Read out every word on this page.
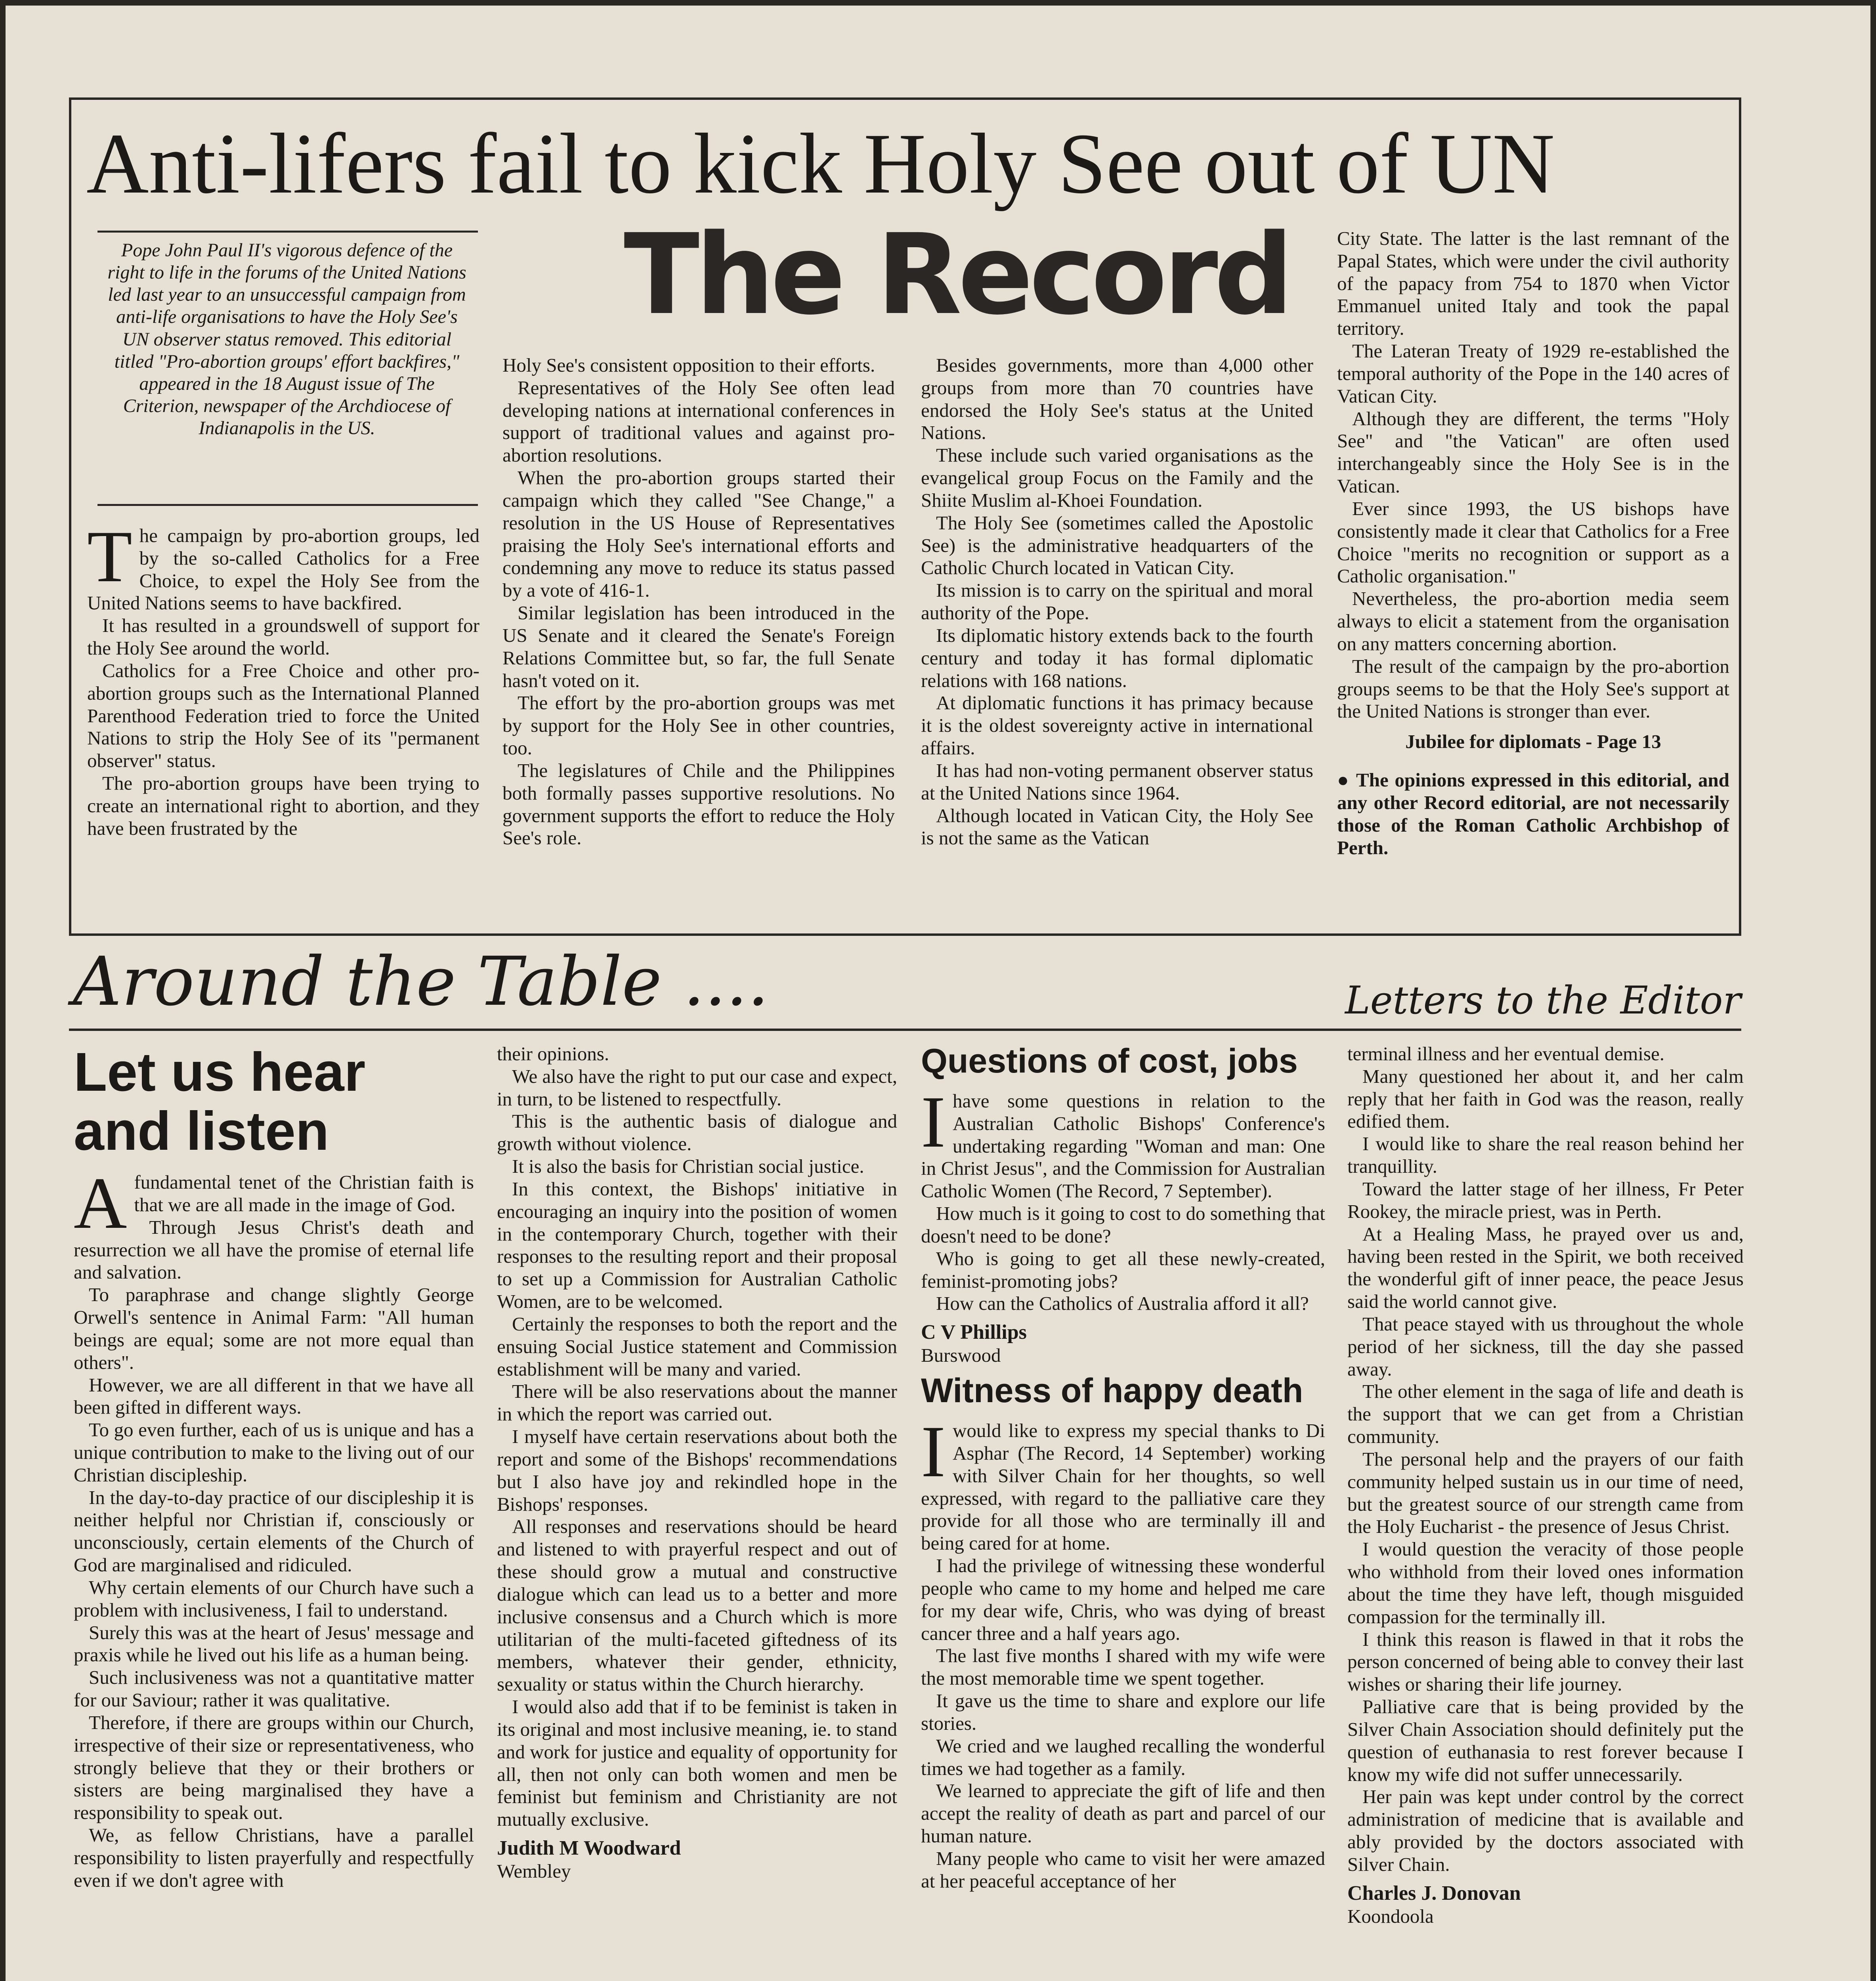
Anti-lifers fail to kick Holy See out of UN
Pope John Paul II's vigorous defence of the right to life in the forums of the United Nations led last year to an unsuccessful campaign from anti-life organisations to have the Holy See's UN observer status removed. This editorial titled "Pro-abortion groups' effort backfires," appeared in the 18 August issue of The Criterion, newspaper of the Archdiocese of Indianapolis in the US.
The Record
T he campaign by pro-abortion groups, led by the so-called Catholics for a Free Choice, to expel the Holy See from the United Nations seems to have backfired.

It has resulted in a groundswell of support for the Holy See around the world.

Catholics for a Free Choice and other pro-abortion groups such as the International Planned Parenthood Federation tried to force the United Nations to strip the Holy See of its "permanent observer" status.

The pro-abortion groups have been trying to create an international right to abortion, and they have been frustrated by the

Holy See's consistent opposition to their efforts.

Representatives of the Holy See often lead developing nations at international conferences in support of traditional values and against pro-abortion resolutions.

When the pro-abortion groups started their campaign which they called "See Change," a resolution in the US House of Representatives praising the Holy See's international efforts and condemning any move to reduce its status passed by a vote of 416-1.

Similar legislation has been introduced in the US Senate and it cleared the Senate's Foreign Relations Committee but, so far, the full Senate hasn't voted on it.

The effort by the pro-abortion groups was met by support for the Holy See in other countries, too.

The legislatures of Chile and the Philippines both formally passes supportive resolutions. No government supports the effort to reduce the Holy See's role.

Besides governments, more than 4,000 other groups from more than 70 countries have endorsed the Holy See's status at the United Nations.

These include such varied organisations as the evangelical group Focus on the Family and the Shiite Muslim al-Khoei Foundation.

The Holy See (sometimes called the Apostolic See) is the administrative headquarters of the Catholic Church located in Vatican City.

Its mission is to carry on the spiritual and moral authority of the Pope.

Its diplomatic history extends back to the fourth century and today it has formal diplomatic relations with 168 nations.

At diplomatic functions it has primacy because it is the oldest sovereignty active in international affairs.

It has had non-voting permanent observer status at the United Nations since 1964.

Although located in Vatican City, the Holy See is not the same as the Vatican

City State. The latter is the last remnant of the Papal States, which were under the civil authority of the papacy from 754 to 1870 when Victor Emmanuel united Italy and took the papal territory.

The Lateran Treaty of 1929 re-established the temporal authority of the Pope in the 140 acres of Vatican City.

Although they are different, the terms "Holy See" and "the Vatican" are often used interchangeably since the Holy See is in the Vatican.

Ever since 1993, the US bishops have consistently made it clear that Catholics for a Free Choice "merits no recognition or support as a Catholic organisation."

Nevertheless, the pro-abortion media seem always to elicit a statement from the organisation on any matters concerning abortion.

The result of the campaign by the pro-abortion groups seems to be that the Holy See's support at the United Nations is stronger than ever.

Jubilee for diplomats - Page 13

● The opinions expressed in this editorial, and any other Record editorial, are not necessarily those of the Roman Catholic Archbishop of Perth.

Around the Table ....	Letters to the Editor
Let us hear and listen
A fundamental tenet of the Christian faith is that we are all made in the image of God.

Through Jesus Christ's death and resurrection we all have the promise of eternal life and salvation.

To paraphrase and change slightly George Orwell's sentence in Animal Farm: "All human beings are equal; some are not more equal than others".

However, we are all different in that we have all been gifted in different ways.

To go even further, each of us is unique and has a unique contribution to make to the living out of our Christian discipleship.

In the day-to-day practice of our discipleship it is neither helpful nor Christian if, consciously or unconsciously, certain elements of the Church of God are marginalised and ridiculed.

Why certain elements of our Church have such a problem with inclusiveness, I fail to understand.

Surely this was at the heart of Jesus' message and praxis while he lived out his life as a human being.

Such inclusiveness was not a quantitative matter for our Saviour; rather it was qualitative.

Therefore, if there are groups within our Church, irrespective of their size or representativeness, who strongly believe that they or their brothers or sisters are being marginalised they have a responsibility to speak out.

We, as fellow Christians, have a parallel responsibility to listen prayerfully and respectfully even if we don't agree with

their opinions.

We also have the right to put our case and expect, in turn, to be listened to respectfully.

This is the authentic basis of dialogue and growth without violence.

It is also the basis for Christian social justice.

In this context, the Bishops' initiative in encouraging an inquiry into the position of women in the contemporary Church, together with their responses to the resulting report and their proposal to set up a Commission for Australian Catholic Women, are to be welcomed.

Certainly the responses to both the report and the ensuing Social Justice statement and Commission establishment will be many and varied.

There will be also reservations about the manner in which the report was carried out.

I myself have certain reservations about both the report and some of the Bishops' recommendations but I also have joy and rekindled hope in the Bishops' responses.

All responses and reservations should be heard and listened to with prayerful respect and out of these should grow a mutual and constructive dialogue which can lead us to a better and more inclusive consensus and a Church which is more utilitarian of the multi-faceted giftedness of its members, whatever their gender, ethnicity, sexuality or status within the Church hierarchy.

I would also add that if to be feminist is taken in its original and most inclusive meaning, ie. to stand and work for justice and equality of opportunity for all, then not only can both women and men be feminist but feminism and Christianity are not mutually exclusive.

Judith M Woodward

Wembley

Questions of cost, jobs
I have some questions in relation to the Australian Catholic Bishops' Conference's undertaking regarding "Woman and man: One in Christ Jesus", and the Commission for Australian Catholic Women (The Record, 7 September).

How much is it going to cost to do something that doesn't need to be done?

Who is going to get all these newly-created, feminist-promoting jobs?

How can the Catholics of Australia afford it all?

C V Phillips

Burswood

Witness of happy death
I would like to express my special thanks to Di Asphar (The Record, 14 September) working with Silver Chain for her thoughts, so well expressed, with regard to the palliative care they provide for all those who are terminally ill and being cared for at home.

I had the privilege of witnessing these wonderful people who came to my home and helped me care for my dear wife, Chris, who was dying of breast cancer three and a half years ago.

The last five months I shared with my wife were the most memorable time we spent together.

It gave us the time to share and explore our life stories.

We cried and we laughed recalling the wonderful times we had together as a family.

We learned to appreciate the gift of life and then accept the reality of death as part and parcel of our human nature.

Many people who came to visit her were amazed at her peaceful acceptance of her

terminal illness and her eventual demise.

Many questioned her about it, and her calm reply that her faith in God was the reason, really edified them.

I would like to share the real reason behind her tranquillity.

Toward the latter stage of her illness, Fr Peter Rookey, the miracle priest, was in Perth.

At a Healing Mass, he prayed over us and, having been rested in the Spirit, we both received the wonderful gift of inner peace, the peace Jesus said the world cannot give.

That peace stayed with us throughout the whole period of her sickness, till the day she passed away.

The other element in the saga of life and death is the support that we can get from a Christian community.

The personal help and the prayers of our faith community helped sustain us in our time of need, but the greatest source of our strength came from the Holy Eucharist - the presence of Jesus Christ.

I would question the veracity of those people who withhold from their loved ones information about the time they have left, though misguided compassion for the terminally ill.

I think this reason is flawed in that it robs the person concerned of being able to convey their last wishes or sharing their life journey.

Palliative care that is being provided by the Silver Chain Association should definitely put the question of euthanasia to rest forever because I know my wife did not suffer unnecessarily.

Her pain was kept under control by the correct administration of medicine that is available and ably provided by the doctors associated with Silver Chain.

Charles J. Donovan

Koondoola
